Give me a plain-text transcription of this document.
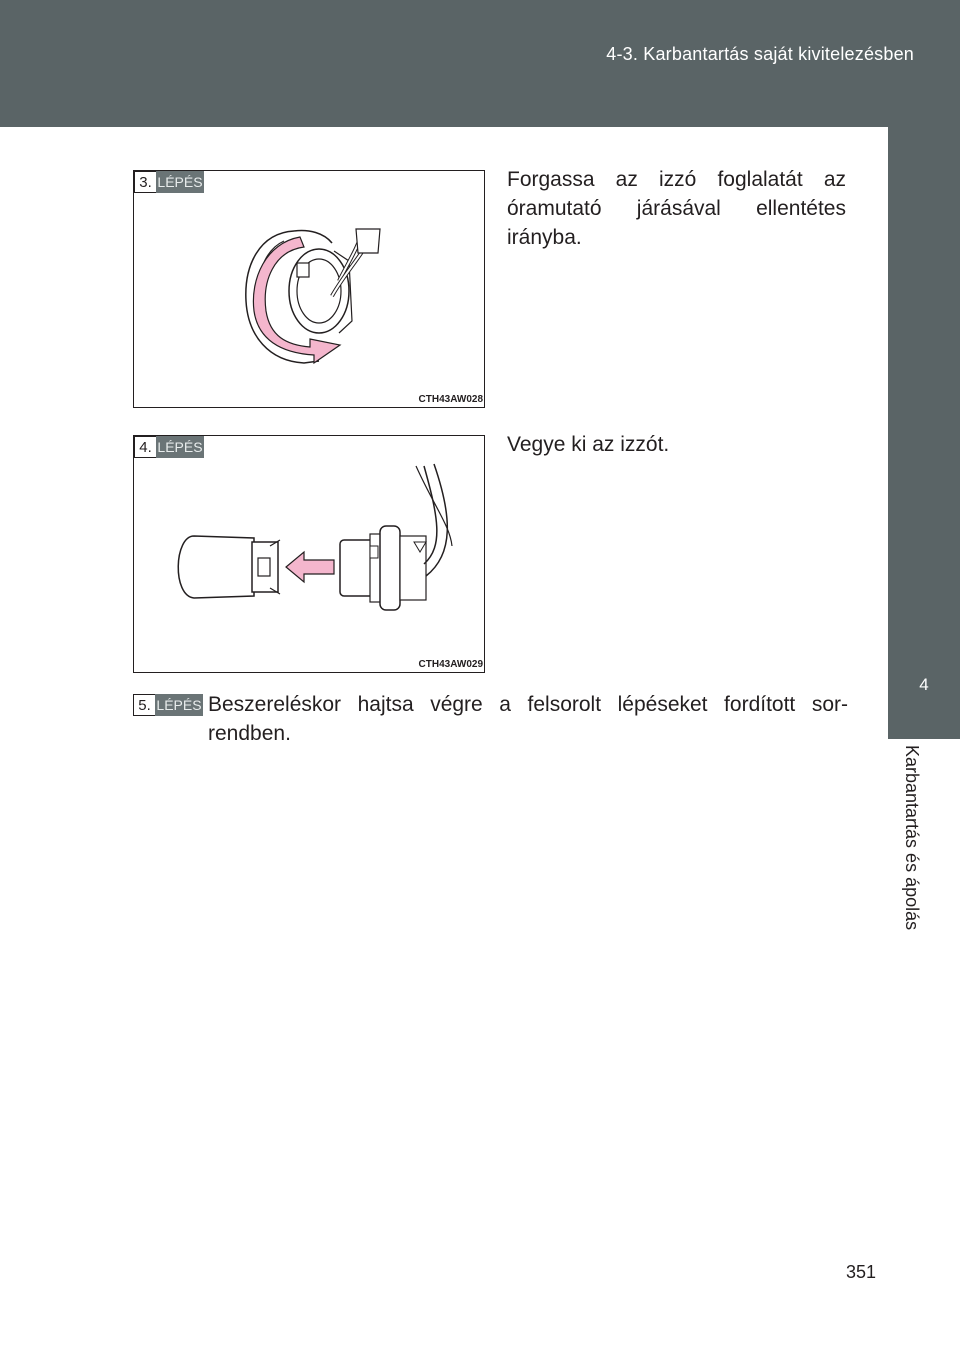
4-3. Karbantartás saját kivitelezésben
4
Karbantartás és ápolás
3. LÉPÉS
CTH43AW028
Forgassa az izzó foglalatát az óramutató járásával ellentétes irányba.
4. LÉPÉS
CTH43AW029
Vegye ki az izzót.
5. LÉPÉS Beszereléskor hajtsa végre a felsorolt lépéseket fordított sor-rendben.
351
